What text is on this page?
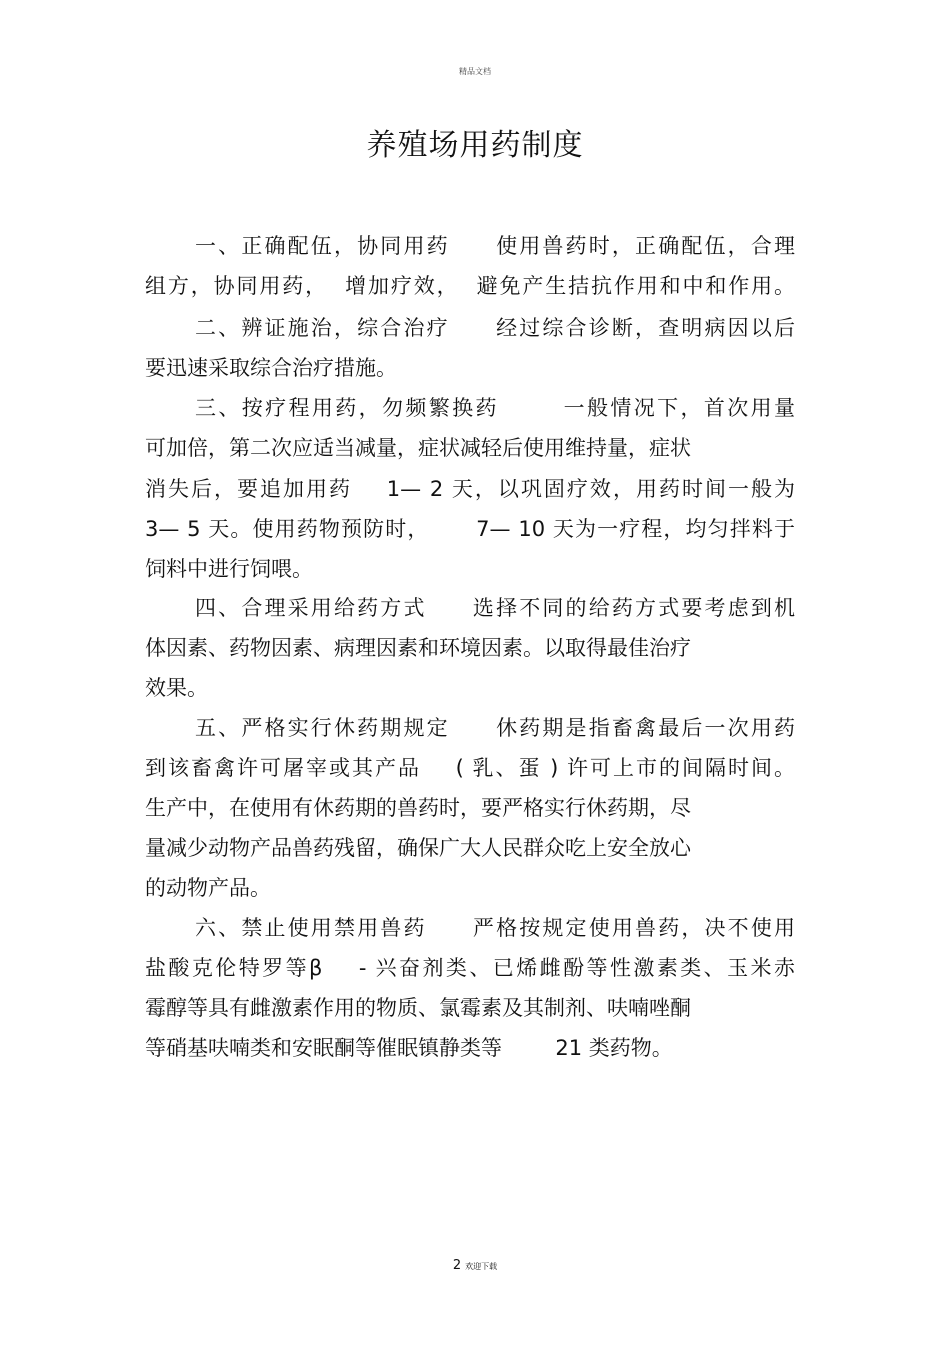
精品文档
养殖场用药制度
一、正确配伍，协同用药　　使用兽药时，正确配伍，合理
组方，协同用药，  增加疗效，  避免产生拮抗作用和中和作用。
二、辨证施治，综合治疗　　经过综合诊断，查明病因以后
要迅速采取综合治疗措施。
三、按疗程用药，勿频繁换药　　  一般情况下，首次用量
可加倍，第二次应适当减量，症状减轻后使用维持量，症状
消失后，要追加用药    1— 2 天，以巩固疗效，用药时间一般为
3— 5 天。使用药物预防时，      7— 10 天为一疗程，均匀拌料于
饲料中进行饲喂。
四、合理采用给药方式　　选择不同的给药方式要考虑到机
体因素、药物因素、病理因素和环境因素。以取得最佳治疗
效果。
五、严格实行休药期规定　　休药期是指畜禽最后一次用药
到该畜禽许可屠宰或其产品    ( 乳、蛋 ) 许可上市的间隔时间。
生产中，在使用有休药期的兽药时，要严格实行休药期，尽
量减少动物产品兽药残留，确保广大人民群众吃上安全放心
的动物产品。
六、禁止使用禁用兽药　　严格按规定使用兽药，决不使用
盐酸克伦特罗等β    - 兴奋剂类、已烯雌酚等性激素类、玉米赤
霉醇等具有雌激素作用的物质、氯霉素及其制剂、呋喃唑酮
等硝基呋喃类和安眠酮等催眠镇静类等        21 类药物。
2 欢迎下载
